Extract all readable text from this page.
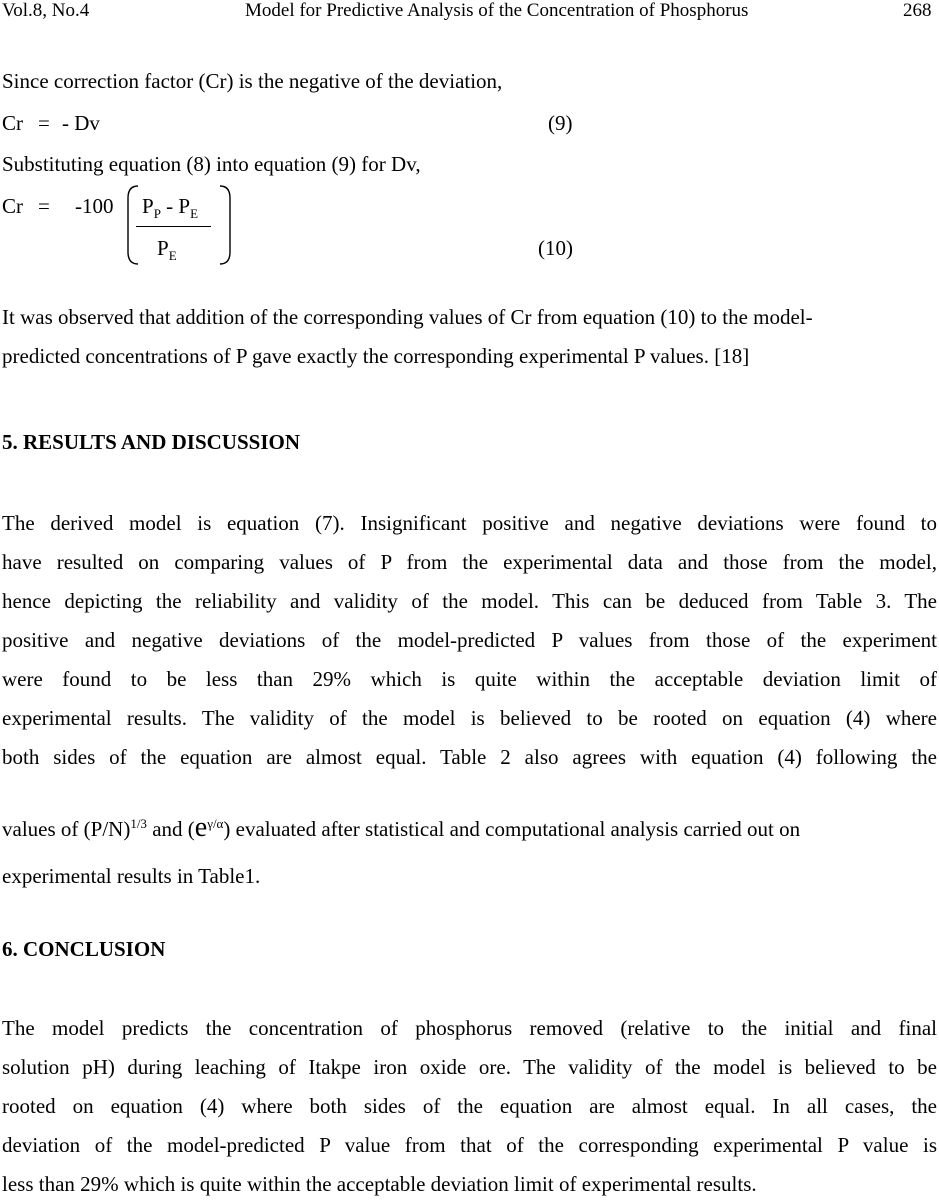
Vol.8, No.4	Model for Predictive Analysis of the Concentration of Phosphorus	268
Since correction factor (Cr) is the negative of the deviation,
Cr = - Dv	(9)
Substituting equation (8) into equation (9) for Dv,
Cr = -100 $P_P - P_E$
$P_E$	(10)
It was observed that addition of the corresponding values of Cr from equation (10) to the model-
predicted concentrations of P gave exactly the corresponding experimental P values. [18]
5. RESULTS AND DISCUSSION
The derived model is equation (7). Insignificant positive and negative deviations were found to
have resulted on comparing values of P from the experimental data and those from the model,
hence depicting the reliability and validity of the model. This can be deduced from Table 3. The
positive and negative deviations of the model-predicted P values from those of the experiment
were found to be less than 29% which is quite within the acceptable deviation limit of
experimental results. The validity of the model is believed to be rooted on equation (4) where
both sides of the equation are almost equal. Table 2 also agrees with equation (4) following the
values of $(P/N)^{1/3}$ and $(e^{\gamma/\alpha})$ evaluated after statistical and computational analysis carried out on
experimental results in Table1.
6. CONCLUSION
The model predicts the concentration of phosphorus removed (relative to the initial and final
solution pH) during leaching of Itakpe iron oxide ore. The validity of the model is believed to be
rooted on equation (4) where both sides of the equation are almost equal. In all cases, the
deviation of the model-predicted P value from that of the corresponding experimental P value is
less than 29% which is quite within the acceptable deviation limit of experimental results.
